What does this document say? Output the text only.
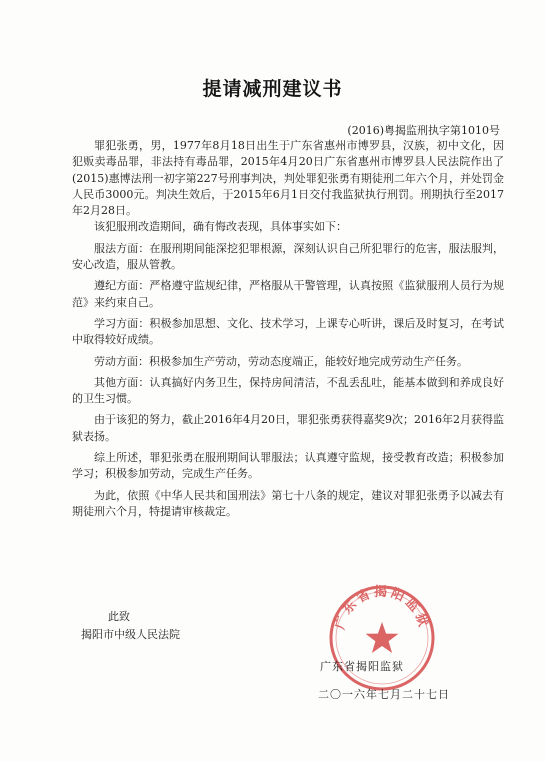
提请减刑建议书
(2016)粤揭监刑执字第1010号

罪犯张勇，男，1977年8月18日出生于广东省惠州市博罗县，汉族，初中文化，因犯贩卖毒品罪，非法持有毒品罪，2015年4月20日广东省惠州市博罗县人民法院作出了(2015)惠博法刑一初字第227号刑事判决，判处罪犯张勇有期徒刑二年六个月，并处罚金人民币3000元。判决生效后，于2015年6月1日交付我监狱执行刑罚。刑期执行至2017年2月28日。

该犯服刑改造期间，确有悔改表现，具体事实如下：

服法方面：在服刑期间能深挖犯罪根源，深刻认识自己所犯罪行的危害，服法服判，安心改造，服从管教。

遵纪方面：严格遵守监规纪律，严格服从干警管理，认真按照《监狱服刑人员行为规范》来约束自己。

学习方面：积极参加思想、文化、技术学习，上课专心听讲，课后及时复习，在考试中取得较好成绩。

劳动方面：积极参加生产劳动，劳动态度端正，能较好地完成劳动生产任务。

其他方面：认真搞好内务卫生，保持房间清洁，不乱丢乱吐，能基本做到和养成良好的卫生习惯。

由于该犯的努力，截止2016年4月20日，罪犯张勇获得嘉奖9次；2016年2月获得监狱表扬。

综上所述，罪犯张勇在服刑期间认罪服法；认真遵守监规，接受教育改造；积极参加学习；积极参加劳动，完成生产任务。

为此，依照《中华人民共和国刑法》第七十八条的规定，建议对罪犯张勇予以减去有期徒刑六个月，特提请审核裁定。

此致
揭阳市中级人民法院
广东省揭阳监狱
广东省揭阳监狱
二〇一六年七月二十七日
